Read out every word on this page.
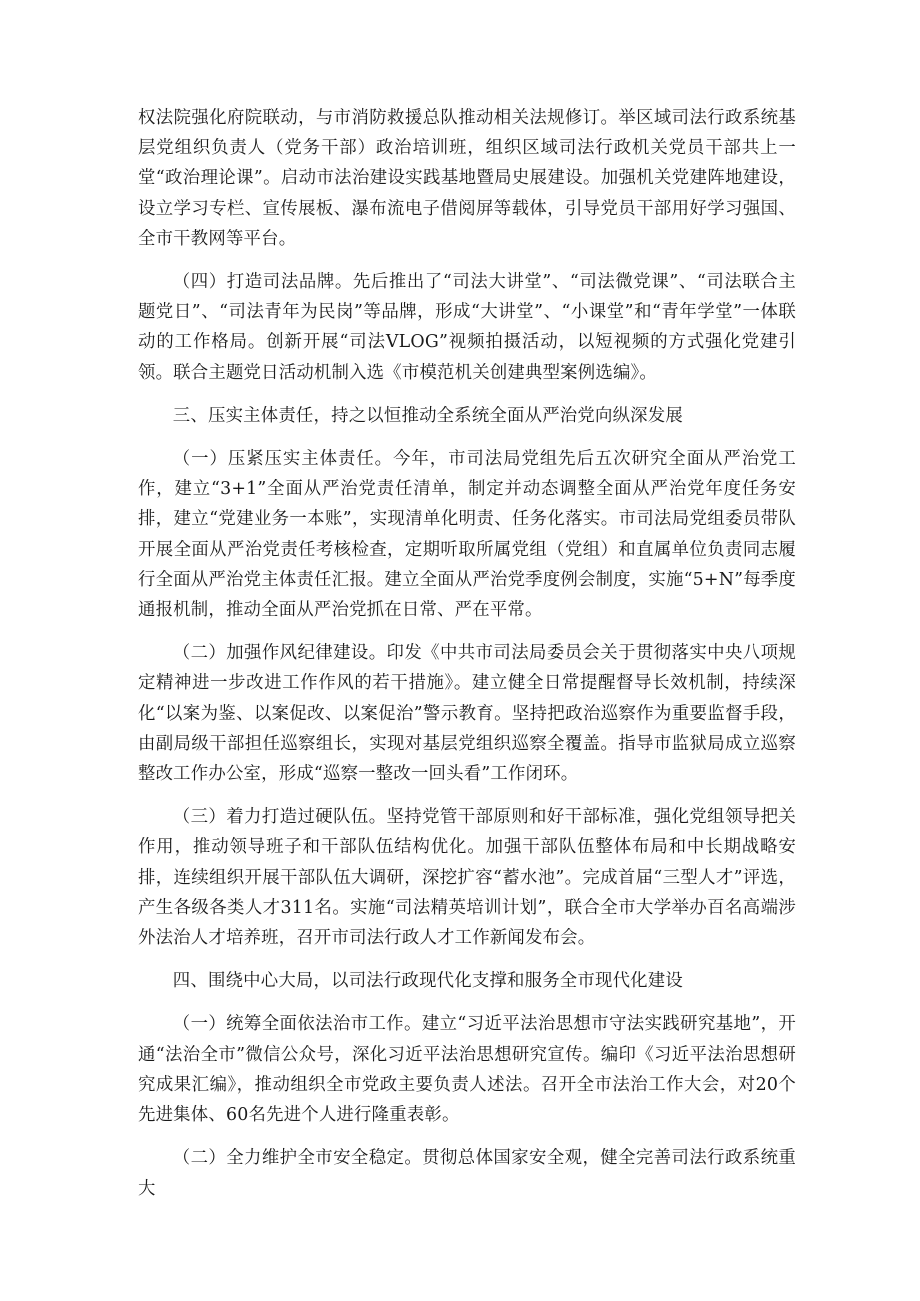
权法院强化府院联动，与市消防救援总队推动相关法规修订。举区域司法行政系统基层党组织负责人（党务干部）政治培训班，组织区域司法行政机关党员干部共上一堂“政治理论课”。启动市法治建设实践基地暨局史展建设。加强机关党建阵地建设，设立学习专栏、宣传展板、瀑布流电子借阅屏等载体，引导党员干部用好学习强国、全市干教网等平台。

（四）打造司法品牌。先后推出了“司法大讲堂”、“司法微党课”、“司法联合主题党日”、“司法青年为民岗”等品牌，形成“大讲堂”、“小课堂”和“青年学堂”一体联动的工作格局。创新开展“司法VLOG”视频拍摄活动，以短视频的方式强化党建引领。联合主题党日活动机制入选《市模范机关创建典型案例选编》。

三、压实主体责任，持之以恒推动全系统全面从严治党向纵深发展

（一）压紧压实主体责任。今年，市司法局党组先后五次研究全面从严治党工作，建立“3+1”全面从严治党责任清单，制定并动态调整全面从严治党年度任务安排，建立“党建业务一本账”，实现清单化明责、任务化落实。市司法局党组委员带队开展全面从严治党责任考核检查，定期听取所属党组（党组）和直属单位负责同志履行全面从严治党主体责任汇报。建立全面从严治党季度例会制度，实施“5+N”每季度通报机制，推动全面从严治党抓在日常、严在平常。

（二）加强作风纪律建设。印发《中共市司法局委员会关于贯彻落实中央八项规定精神进一步改进工作作风的若干措施》。建立健全日常提醒督导长效机制，持续深化“以案为鉴、以案促改、以案促治”警示教育。坚持把政治巡察作为重要监督手段，由副局级干部担任巡察组长，实现对基层党组织巡察全覆盖。指导市监狱局成立巡察整改工作办公室，形成“巡察一整改一回头看”工作闭环。

（三）着力打造过硬队伍。坚持党管干部原则和好干部标准，强化党组领导把关作用，推动领导班子和干部队伍结构优化。加强干部队伍整体布局和中长期战略安排，连续组织开展干部队伍大调研，深挖扩容“蓄水池”。完成首届“三型人才”评选，产生各级各类人才311名。实施“司法精英培训计划”，联合全市大学举办百名高端涉外法治人才培养班，召开市司法行政人才工作新闻发布会。

四、围绕中心大局，以司法行政现代化支撑和服务全市现代化建设

（一）统筹全面依法治市工作。建立“习近平法治思想市守法实践研究基地”，开通“法治全市”微信公众号，深化习近平法治思想研究宣传。编印《习近平法治思想研究成果汇编》，推动组织全市党政主要负责人述法。召开全市法治工作大会，对20个先进集体、60名先进个人进行隆重表彰。

（二）全力维护全市安全稳定。贯彻总体国家安全观，健全完善司法行政系统重大
